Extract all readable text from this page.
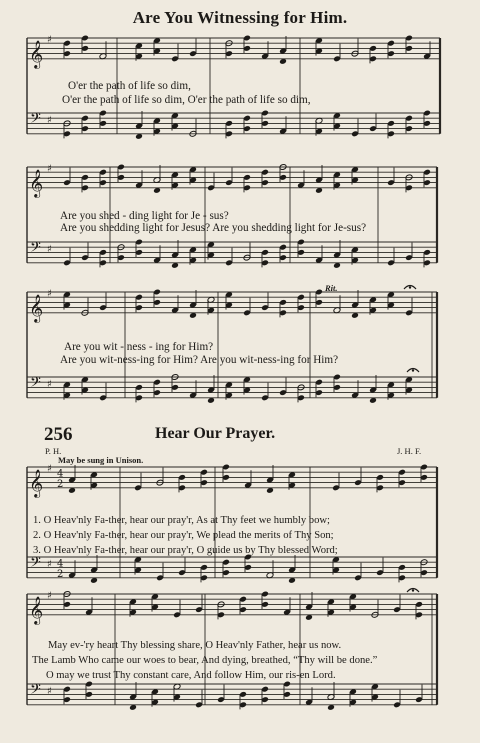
Are You Witnessing for Him.
𝄞 ♯
𝄢 ♯
𝄞 ♯
𝄢 ♯
𝄞 ♯
𝄢 ♯
𝄞 ♯ 4
2
𝄢 ♯ 4
2
𝄞 ♯
𝄢 ♯
O'er the path of life so dim,
O'er the path of life so dim, O'er the path of life so dim,
Are you shed - ding light for Je - sus?
Are you shedding light for Jesus? Are you shedding light for Je-sus?
Rit.
Are you wit - ness - ing for Him?
Are you wit-ness-ing for Him? Are you wit-ness-ing for Him?
256	Hear Our Prayer.
P. H.	J. H. F.
May be sung in Unison.
1. O Heav'nly Fa-ther, hear our pray'r, As at Thy feet we humbly bow;
2. O Heav'nly Fa-ther, hear our pray'r, We plead the merits of Thy Son;
3. O Heav'nly Fa-ther, hear our pray'r, O guide us by Thy blessed Word;
May ev-'ry heart Thy blessing share, O Heav'nly Father, hear us now.
The Lamb Who came our woes to bear, And dying, breathed, “Thy will be done.”
O may we trust Thy constant care, And follow Him, our ris-en Lord.
